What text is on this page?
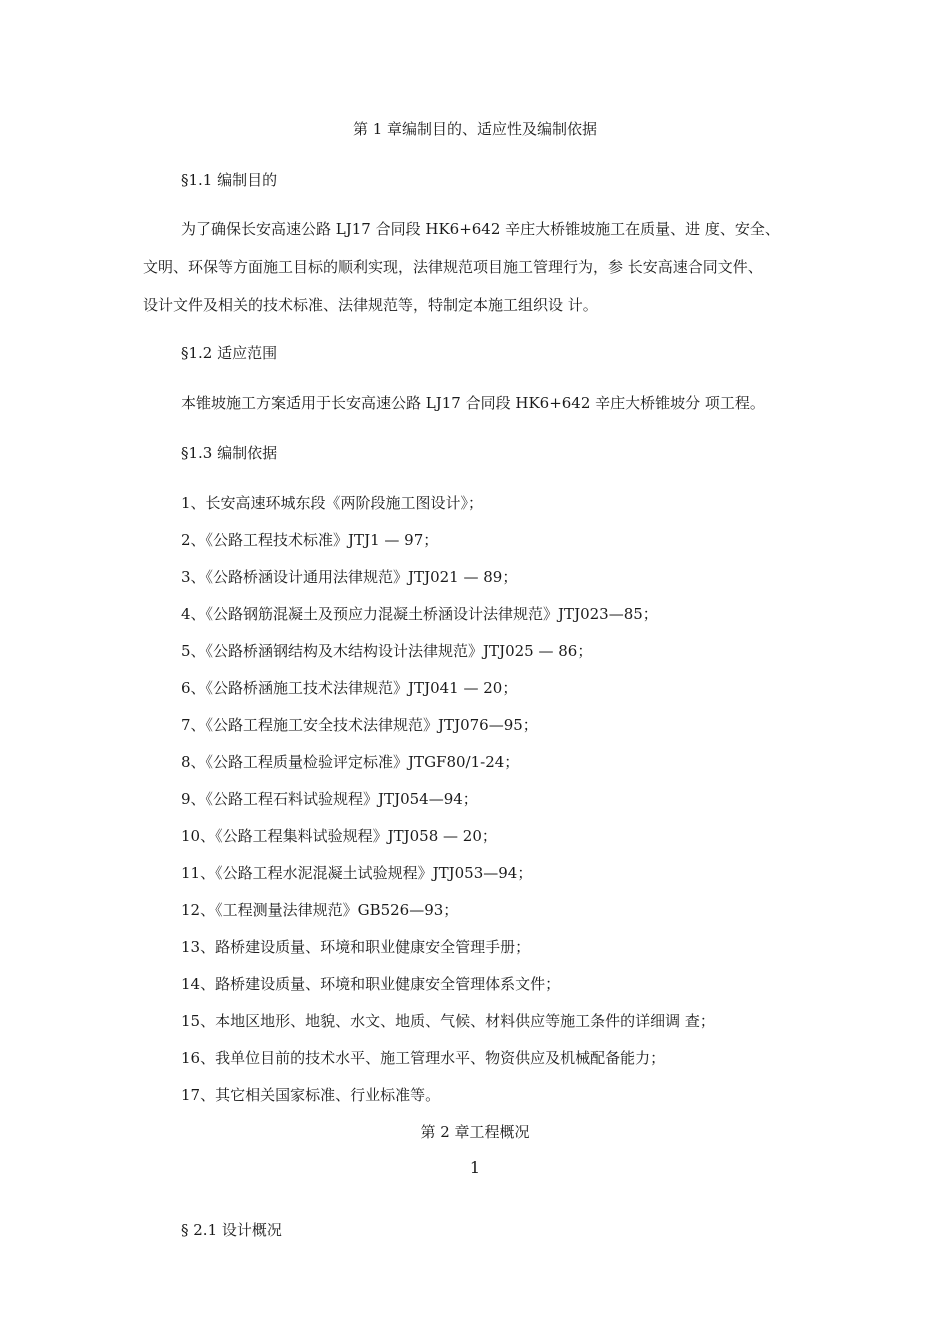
第 1 章编制目的、适应性及编制依据
§1.1 编制目的
为了确保长安高速公路 LJ17 合同段 HK6+642 辛庄大桥锥坡施工在质量、进 度、安全、
文明、环保等方面施工目标的顺利实现，法律规范项目施工管理行为，参 长安高速合同文件、
设计文件及相关的技术标准、法律规范等，特制定本施工组织设 计。
§1.2 适应范围
本锥坡施工方案适用于长安高速公路 LJ17 合同段 HK6+642 辛庄大桥锥坡分 项工程。
§1.3 编制依据
1、长安高速环城东段《两阶段施工图设计》；
2、《公路工程技术标准》JTJ1 — 97；
3、《公路桥涵设计通用法律规范》JTJ021 — 89；
4、《公路钢筋混凝土及预应力混凝土桥涵设计法律规范》JTJ023—85；
5、《公路桥涵钢结构及木结构设计法律规范》JTJ025 — 86；
6、《公路桥涵施工技术法律规范》JTJ041 — 20；
7、《公路工程施工安全技术法律规范》JTJ076—95；
8、《公路工程质量检验评定标准》JTGF80/1-24；
9、《公路工程石料试验规程》JTJ054—94；
10、《公路工程集料试验规程》JTJ058 — 20；
11、《公路工程水泥混凝土试验规程》JTJ053—94；
12、《工程测量法律规范》GB526—93；
13、路桥建设质量、环境和职业健康安全管理手册；
14、路桥建设质量、环境和职业健康安全管理体系文件；
15、本地区地形、地貌、水文、地质、气候、材料供应等施工条件的详细调 查；
16、我单位目前的技术水平、施工管理水平、物资供应及机械配备能力；
17、其它相关国家标准、行业标准等。
第 2 章工程概况
1
§ 2.1 设计概况
